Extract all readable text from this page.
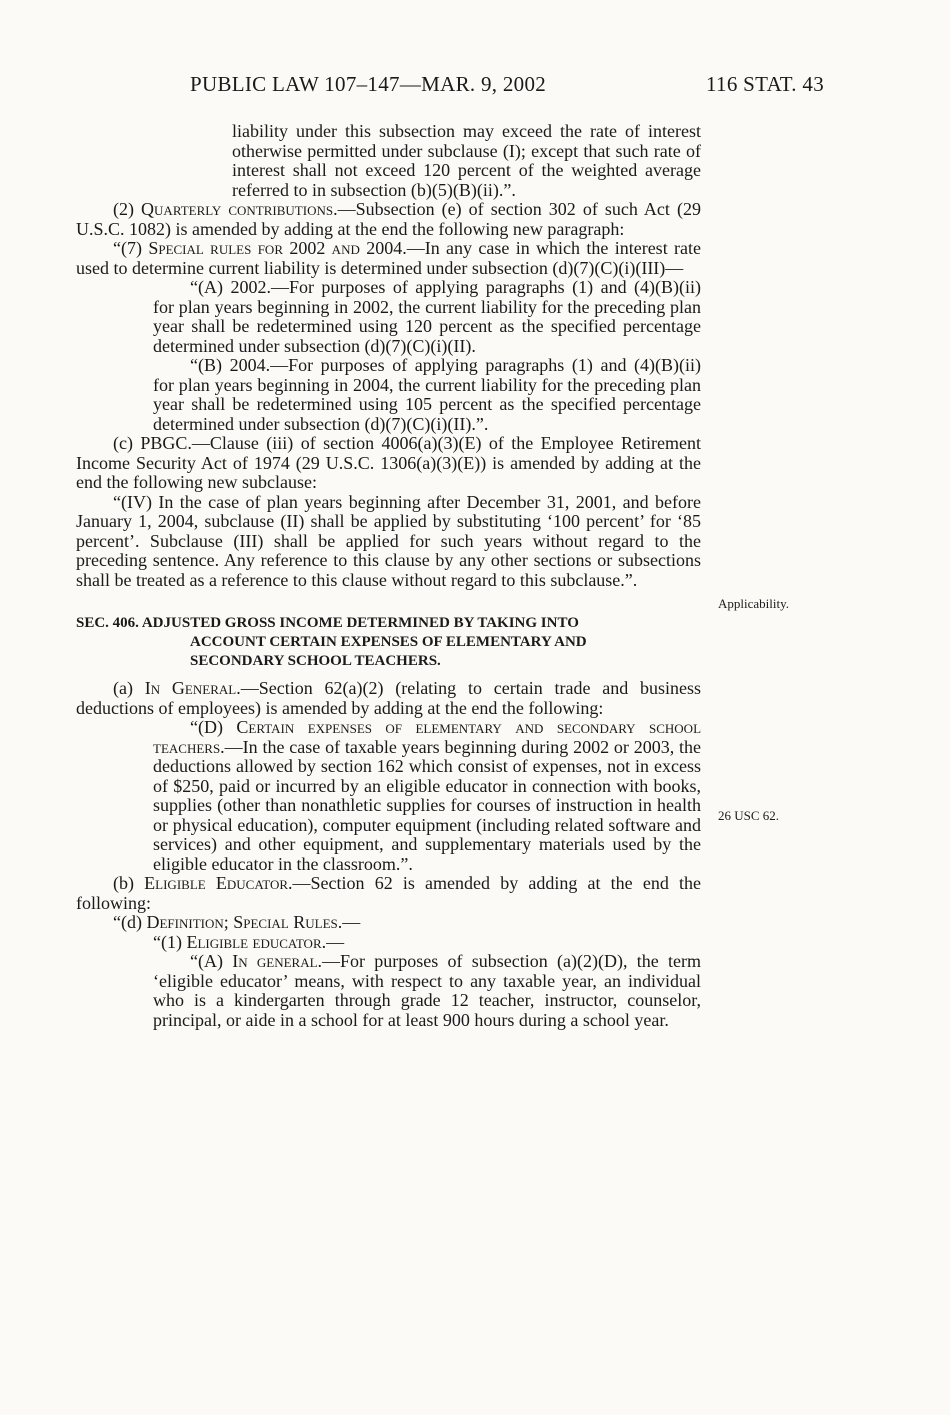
PUBLIC LAW 107–147—MAR. 9, 2002	116 STAT. 43
Applicability.
26 USC 62.

liability under this subsection may exceed the rate of interest otherwise permitted under subclause (I); except that such rate of interest shall not exceed 120 percent of the weighted average referred to in subsection (b)(5)(B)(ii).”.

(2) Quarterly contributions.—Subsection (e) of section 302 of such Act (29 U.S.C. 1082) is amended by adding at the end the following new paragraph:

“(7) Special rules for 2002 and 2004.—In any case in which the interest rate used to determine current liability is determined under subsection (d)(7)(C)(i)(III)—

“(A) 2002.—For purposes of applying paragraphs (1) and (4)(B)(ii) for plan years beginning in 2002, the current liability for the preceding plan year shall be redetermined using 120 percent as the specified percentage determined under subsection (d)(7)(C)(i)(II).

“(B) 2004.—For purposes of applying paragraphs (1) and (4)(B)(ii) for plan years beginning in 2004, the current liability for the preceding plan year shall be redetermined using 105 percent as the specified percentage determined under subsection (d)(7)(C)(i)(II).”.

(c) PBGC.—Clause (iii) of section 4006(a)(3)(E) of the Employee Retirement Income Security Act of 1974 (29 U.S.C. 1306(a)(3)(E)) is amended by adding at the end the following new subclause:

“(IV) In the case of plan years beginning after December 31, 2001, and before January 1, 2004, subclause (II) shall be applied by substituting ‘100 percent’ for ‘85 percent’. Subclause (III) shall be applied for such years without regard to the preceding sentence. Any reference to this clause by any other sections or subsections shall be treated as a reference to this clause without regard to this subclause.”.

SEC. 406. ADJUSTED GROSS INCOME DETERMINED BY TAKING INTO
ACCOUNT CERTAIN EXPENSES OF ELEMENTARY AND
SECONDARY SCHOOL TEACHERS.

(a) In General.—Section 62(a)(2) (relating to certain trade and business deductions of employees) is amended by adding at the end the following:

“(D) Certain expenses of elementary and secondary school teachers.—In the case of taxable years beginning during 2002 or 2003, the deductions allowed by section 162 which consist of expenses, not in excess of $250, paid or incurred by an eligible educator in connection with books, supplies (other than nonathletic supplies for courses of instruction in health or physical education), computer equipment (including related software and services) and other equipment, and supplementary materials used by the eligible educator in the classroom.”.

(b) Eligible Educator.—Section 62 is amended by adding at the end the following:

“(d) Definition; Special Rules.—

“(1) Eligible educator.—

“(A) In general.—For purposes of subsection (a)(2)(D), the term ‘eligible educator’ means, with respect to any taxable year, an individual who is a kindergarten through grade 12 teacher, instructor, counselor, principal, or aide in a school for at least 900 hours during a school year.
